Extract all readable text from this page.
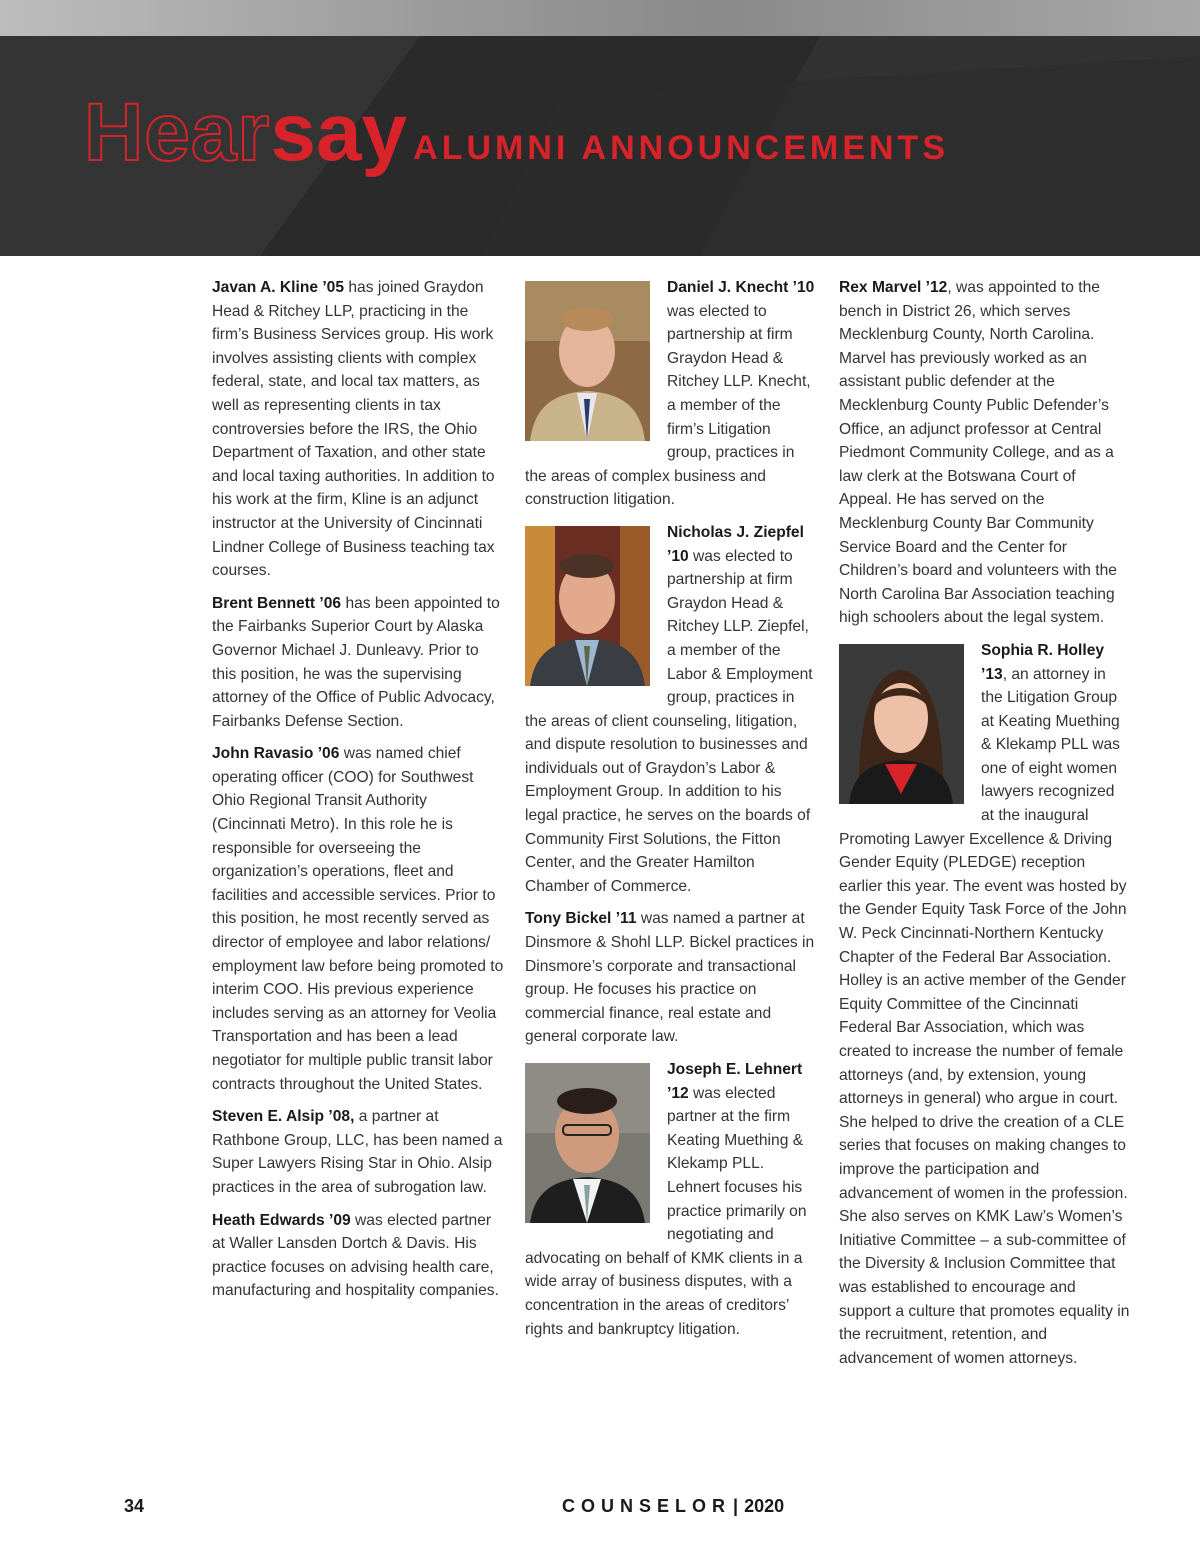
Hear say ALUMNI ANNOUNCEMENTS

Javan A. Kline ’05 has joined Graydon Head & Ritchey LLP, practicing in the firm’s Business Services group. His work involves assisting clients with complex federal, state, and local tax matters, as well as representing clients in tax controversies before the IRS, the Ohio Department of Taxation, and other state and local taxing authorities. In addition to his work at the firm, Kline is an adjunct instructor at the University of Cincinnati Lindner College of Business teaching tax courses.

Brent Bennett ’06 has been appointed to the Fairbanks Superior Court by Alaska Governor Michael J. Dunleavy. Prior to this position, he was the supervising attorney of the Office of Public Advocacy, Fairbanks Defense Section.

John Ravasio ’06 was named chief operating officer (COO) for Southwest Ohio Regional Transit Authority (Cincinnati Metro). In this role he is responsible for overseeing the organization’s operations, fleet and facilities and accessible services. Prior to this position, he most recently served as director of employee and labor relations/ employment law before being promoted to interim COO. His previous experience includes serving as an attorney for Veolia Transportation and has been a lead negotiator for multiple public transit labor contracts throughout the United States.

Steven E. Alsip ’08, a partner at Rathbone Group, LLC, has been named a Super Lawyers Rising Star in Ohio. Alsip practices in the area of subrogation law.

Heath Edwards ’09 was elected partner at Waller Lansden Dortch & Davis. His practice focuses on advising health care, manufacturing and hospitality companies.

Daniel J. Knecht ’10 was elected to partnership at firm Graydon Head & Ritchey LLP. Knecht, a member of the firm’s Litigation group, practices in the areas of complex business and construction litigation.

Nicholas J. Ziepfel ’10 was elected to partnership at firm Graydon Head & Ritchey LLP. Ziepfel, a member of the Labor & Employment group, practices in the areas of client counseling, litigation, and dispute resolution to businesses and individuals out of Graydon’s Labor & Employment Group. In addition to his legal practice, he serves on the boards of Community First Solutions, the Fitton Center, and the Greater Hamilton Chamber of Commerce.

Tony Bickel ’11 was named a partner at Dinsmore & Shohl LLP. Bickel practices in Dinsmore’s corporate and transactional group. He focuses his practice on commercial finance, real estate and general corporate law.

Joseph E. Lehnert ’12 was elected partner at the firm Keating Muething & Klekamp PLL. Lehnert focuses his practice primarily on negotiating and advocating on behalf of KMK clients in a wide array of business disputes, with a concentration in the areas of creditors’ rights and bankruptcy litigation.

Rex Marvel ’12, was appointed to the bench in District 26, which serves Mecklenburg County, North Carolina. Marvel has previously worked as an assistant public defender at the Mecklenburg County Public Defender’s Office, an adjunct professor at Central Piedmont Community College, and as a law clerk at the Botswana Court of Appeal. He has served on the Mecklenburg County Bar Community Service Board and the Center for Children’s board and volunteers with the North Carolina Bar Association teaching high schoolers about the legal system.

Sophia R. Holley ’13, an attorney in the Litigation Group at Keating Muething & Klekamp PLL was one of eight women lawyers recognized at the inaugural Promoting Lawyer Excellence & Driving Gender Equity (PLEDGE) reception earlier this year. The event was hosted by the Gender Equity Task Force of the John W. Peck Cincinnati-Northern Kentucky Chapter of the Federal Bar Association. Holley is an active member of the Gender Equity Committee of the Cincinnati Federal Bar Association, which was created to increase the number of female attorneys (and, by extension, young attorneys in general) who argue in court. She helped to drive the creation of a CLE series that focuses on making changes to improve the participation and advancement of women in the profession. She also serves on KMK Law’s Women’s Initiative Committee – a sub-committee of the Diversity & Inclusion Committee that was established to encourage and support a culture that promotes equality in the recruitment, retention, and advancement of women attorneys.

34	COUNSELOR | 2020
